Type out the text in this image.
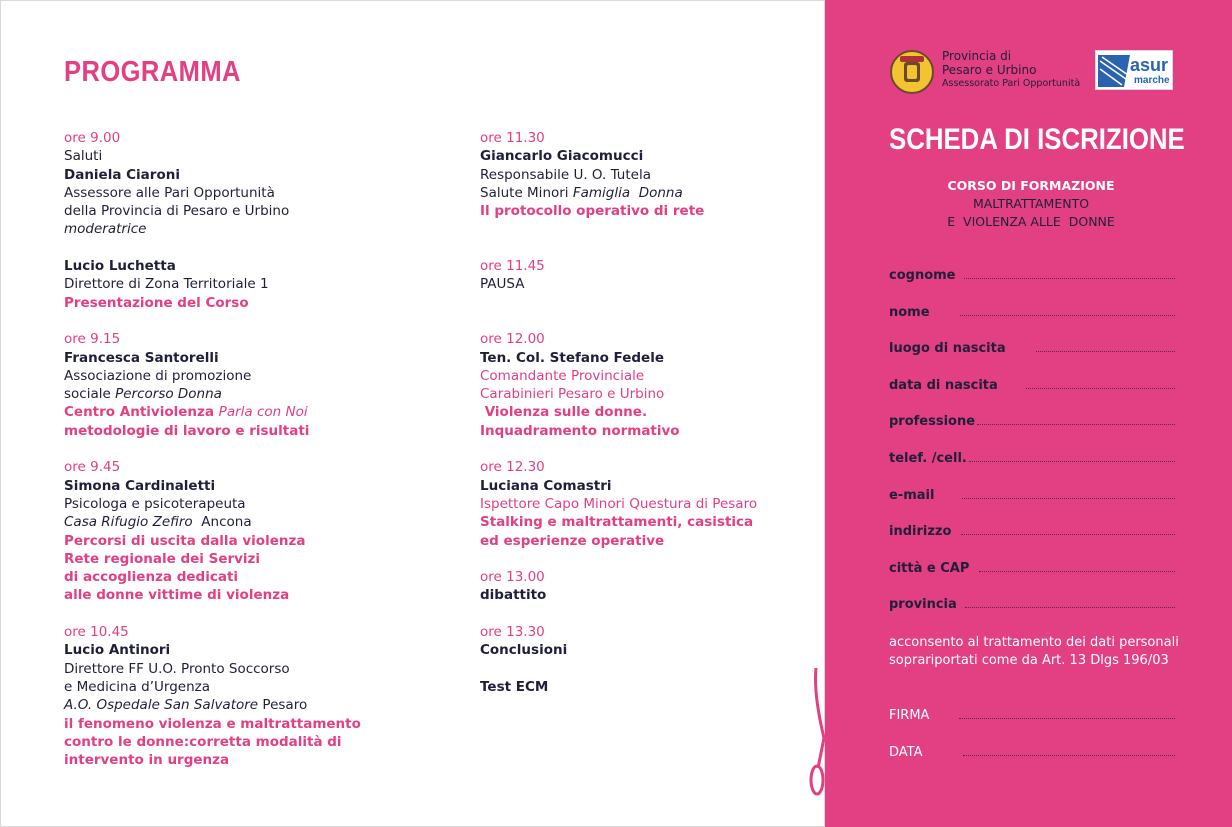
PROGRAMMA
ore 9.00
Saluti
Daniela Ciaroni
Assessore alle Pari Opportunità
della Provincia di Pesaro e Urbino
moderatrice
Lucio Luchetta
Direttore di Zona Territoriale 1
Presentazione del Corso
ore 9.15
Francesca Santorelli
Associazione di promozione
sociale Percorso Donna
Centro Antiviolenza Parla con Noi
metodologie di lavoro e risultati
ore 9.45
Simona Cardinaletti
Psicologa e psicoterapeuta
Casa Rifugio Zefiro  Ancona
Percorsi di uscita dalla violenza
Rete regionale dei Servizi
di accoglienza dedicati
alle donne vittime di violenza
ore 10.45
Lucio Antinori
Direttore FF U.O. Pronto Soccorso
e Medicina d’Urgenza
A.O. Ospedale San Salvatore Pesaro
il fenomeno violenza e maltrattamento
contro le donne:corretta modalità di
intervento in urgenza
ore 11.30
Giancarlo Giacomucci
Responsabile U. O. Tutela
Salute Minori Famiglia  Donna
Il protocollo operativo di rete
ore 11.45
PAUSA
ore 12.00
Ten. Col. Stefano Fedele
Comandante Provinciale
Carabinieri Pesaro e Urbino
Violenza sulle donne.
Inquadramento normativo
ore 12.30
Luciana Comastri
Ispettore Capo Minori Questura di Pesaro
Stalking e maltrattamenti, casistica
ed esperienze operative
ore 13.00
dibattito
ore 13.30
Conclusioni
Test ECM
Provincia di
Pesaro e Urbino
Assessorato Pari Opportunità
asur
marche
SCHEDA DI ISCRIZIONE
CORSO DI FORMAZIONE
MALTRATTAMENTO
E  VIOLENZA ALLE  DONNE
cognome
nome
luogo di nascita
data di nascita
professione
telef. /cell.
e-mail
indirizzo
città e CAP
provincia
acconsento al trattamento dei dati personali soprariportati come da Art. 13 Dlgs 196/03
FIRMA
DATA
